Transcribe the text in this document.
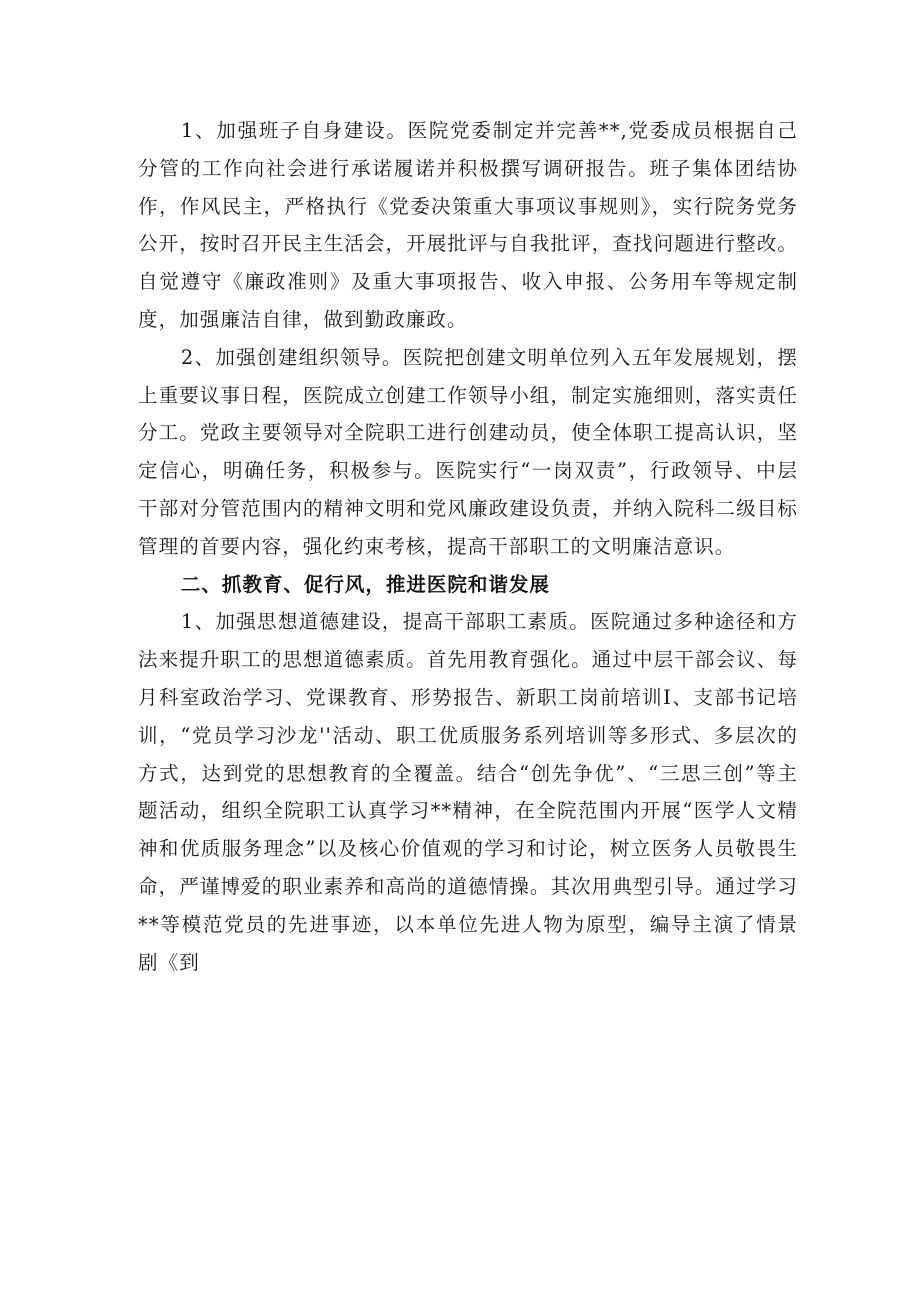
1、加强班子自身建设。医院党委制定并完善**,党委成员根据自己分管的工作向社会进行承诺履诺并积极撰写调研报告。班子集体团结协作，作风民主，严格执行《党委决策重大事项议事规则》，实行院务党务公开，按时召开民主生活会，开展批评与自我批评，查找问题进行整改。自觉遵守《廉政准则》及重大事项报告、收入申报、公务用车等规定制度，加强廉洁自律，做到勤政廉政。

2、加强创建组织领导。医院把创建文明单位列入五年发展规划，摆上重要议事日程，医院成立创建工作领导小组，制定实施细则，落实责任分工。党政主要领导对全院职工进行创建动员，使全体职工提高认识，坚定信心，明确任务，积极参与。医院实行“一岗双责”，行政领导、中层干部对分管范围内的精神文明和党风廉政建设负责，并纳入院科二级目标管理的首要内容，强化约束考核，提高干部职工的文明廉洁意识。

二、抓教育、促行风，推进医院和谐发展

1、加强思想道德建设，提高干部职工素质。医院通过多种途径和方法来提升职工的思想道德素质。首先用教育强化。通过中层干部会议、每月科室政治学习、党课教育、形势报告、新职工岗前培训I、支部书记培训，“党员学习沙龙''活动、职工优质服务系列培训等多形式、多层次的方式，达到党的思想教育的全覆盖。结合“创先争优”、“三思三创”等主题活动，组织全院职工认真学习**精神，在全院范围内开展“医学人文精神和优质服务理念”以及核心价值观的学习和讨论，树立医务人员敬畏生命，严谨博爱的职业素养和高尚的道德情操。其次用典型引导。通过学习**等模范党员的先进事迹，以本单位先进人物为原型，编导主演了情景剧《到
